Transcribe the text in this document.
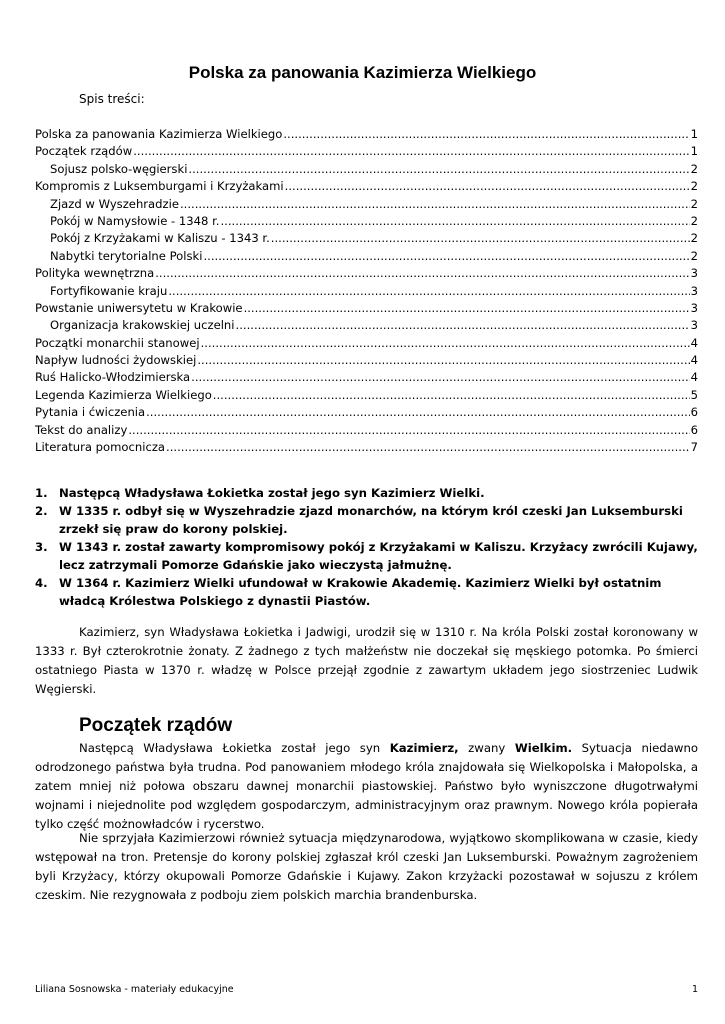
Polska za panowania Kazimierza Wielkiego
Spis treści:
Polska za panowania Kazimierza Wielkiego .....	1
Początek rządów .....	1
Sojusz polsko-węgierski .....	2
Kompromis z Luksemburgami i Krzyżakami .....	2
Zjazd w Wyszehradzie .....	2
Pokój w Namysłowie - 1348 r. .....	2
Pokój z Krzyżakami w Kaliszu - 1343 r. .....	2
Nabytki terytorialne Polski .....	2
Polityka wewnętrzna .....	3
Fortyfikowanie kraju .....	3
Powstanie uniwersytetu w Krakowie .....	3
Organizacja krakowskiej uczelni .....	3
Początki monarchii stanowej .....	4
Napływ ludności żydowskiej .....	4
Ruś Halicko-Włodzimierska .....	4
Legenda Kazimierza Wielkiego .....	5
Pytania i ćwiczenia .....	6
Tekst do analizy .....	6
Literatura pomocnicza .....	7
1. Następcą Władysława Łokietka został jego syn Kazimierz Wielki.
2. W 1335 r. odbył się w Wyszehradzie zjazd monarchów, na którym król czeski Jan Luksemburski zrzekł się praw do korony polskiej.
3. W 1343 r. został zawarty kompromisowy pokój z Krzyżakami w Kaliszu. Krzyżacy zwrócili Kujawy, lecz zatrzymali Pomorze Gdańskie jako wieczystą jałmużnę.
4. W 1364 r. Kazimierz Wielki ufundował w Krakowie Akademię. Kazimierz Wielki był ostatnim władcą Królestwa Polskiego z dynastii Piastów.

Kazimierz, syn Władysława Łokietka i Jadwigi, urodził się w 1310 r. Na króla Polski został koronowany w 1333 r. Był czterokrotnie żonaty. Z żadnego z tych małżeństw nie doczekał się męskiego potomka. Po śmierci ostatniego Piasta w 1370 r. władzę w Polsce przejął zgodnie z zawartym układem jego siostrzeniec Ludwik Węgierski.

Początek rządów

Następcą Władysława Łokietka został jego syn Kazimierz, zwany Wielkim. Sytuacja niedawno odrodzonego państwa była trudna. Pod panowaniem młodego króla znajdowała się Wielkopolska i Małopolska, a zatem mniej niż połowa obszaru dawnej monarchii piastowskiej. Państwo było wyniszczone długotrwałymi wojnami i niejednolite pod względem gospodarczym, administracyjnym oraz prawnym. Nowego króla popierała tylko część możnowładców i rycerstwo.

Nie sprzyjała Kazimierzowi również sytuacja międzynarodowa, wyjątkowo skomplikowana w czasie, kiedy wstępował na tron. Pretensje do korony polskiej zgłaszał król czeski Jan Luksemburski. Poważnym zagrożeniem byli Krzyżacy, którzy okupowali Pomorze Gdańskie i Kujawy. Zakon krzyżacki pozostawał w sojuszu z królem czeskim. Nie rezygnowała z podboju ziem polskich marchia brandenburska.

Liliana Sosnowska - materiały edukacyjne	1
